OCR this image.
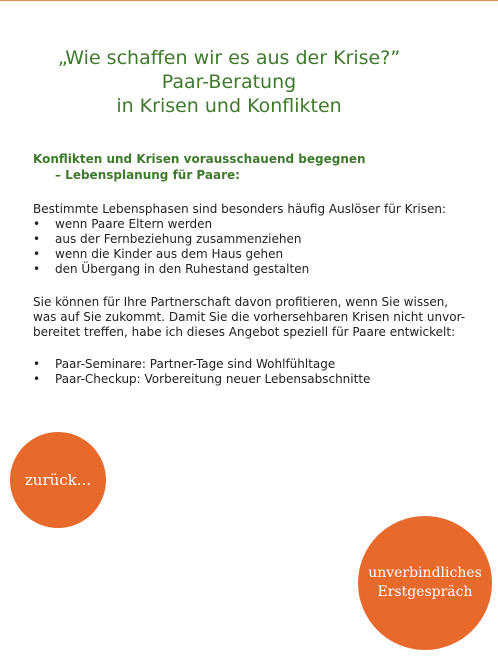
„Wie schaffen wir es aus der Krise?”
Paar-Beratung
in Krisen und Konflikten
Konflikten und Krisen vorausschauend begegnen
– Lebensplanung für Paare:
Bestimmte Lebensphasen sind besonders häufig Auslöser für Krisen:
• wenn Paare Eltern werden
• aus der Fernbeziehung zusammenziehen
• wenn die Kinder aus dem Haus gehen
• den Übergang in den Ruhestand gestalten
Sie können für Ihre Partnerschaft davon profitieren, wenn Sie wissen,
was auf Sie zukommt. Damit Sie die vorhersehbaren Krisen nicht unvor-
bereitet treffen, habe ich dieses Angebot speziell für Paare entwickelt:
• Paar-Seminare: Partner-Tage sind Wohlfühltage
• Paar-Checkup: Vorbereitung neuer Lebensabschnitte
zurück...
unverbindliches
Erstgespräch
